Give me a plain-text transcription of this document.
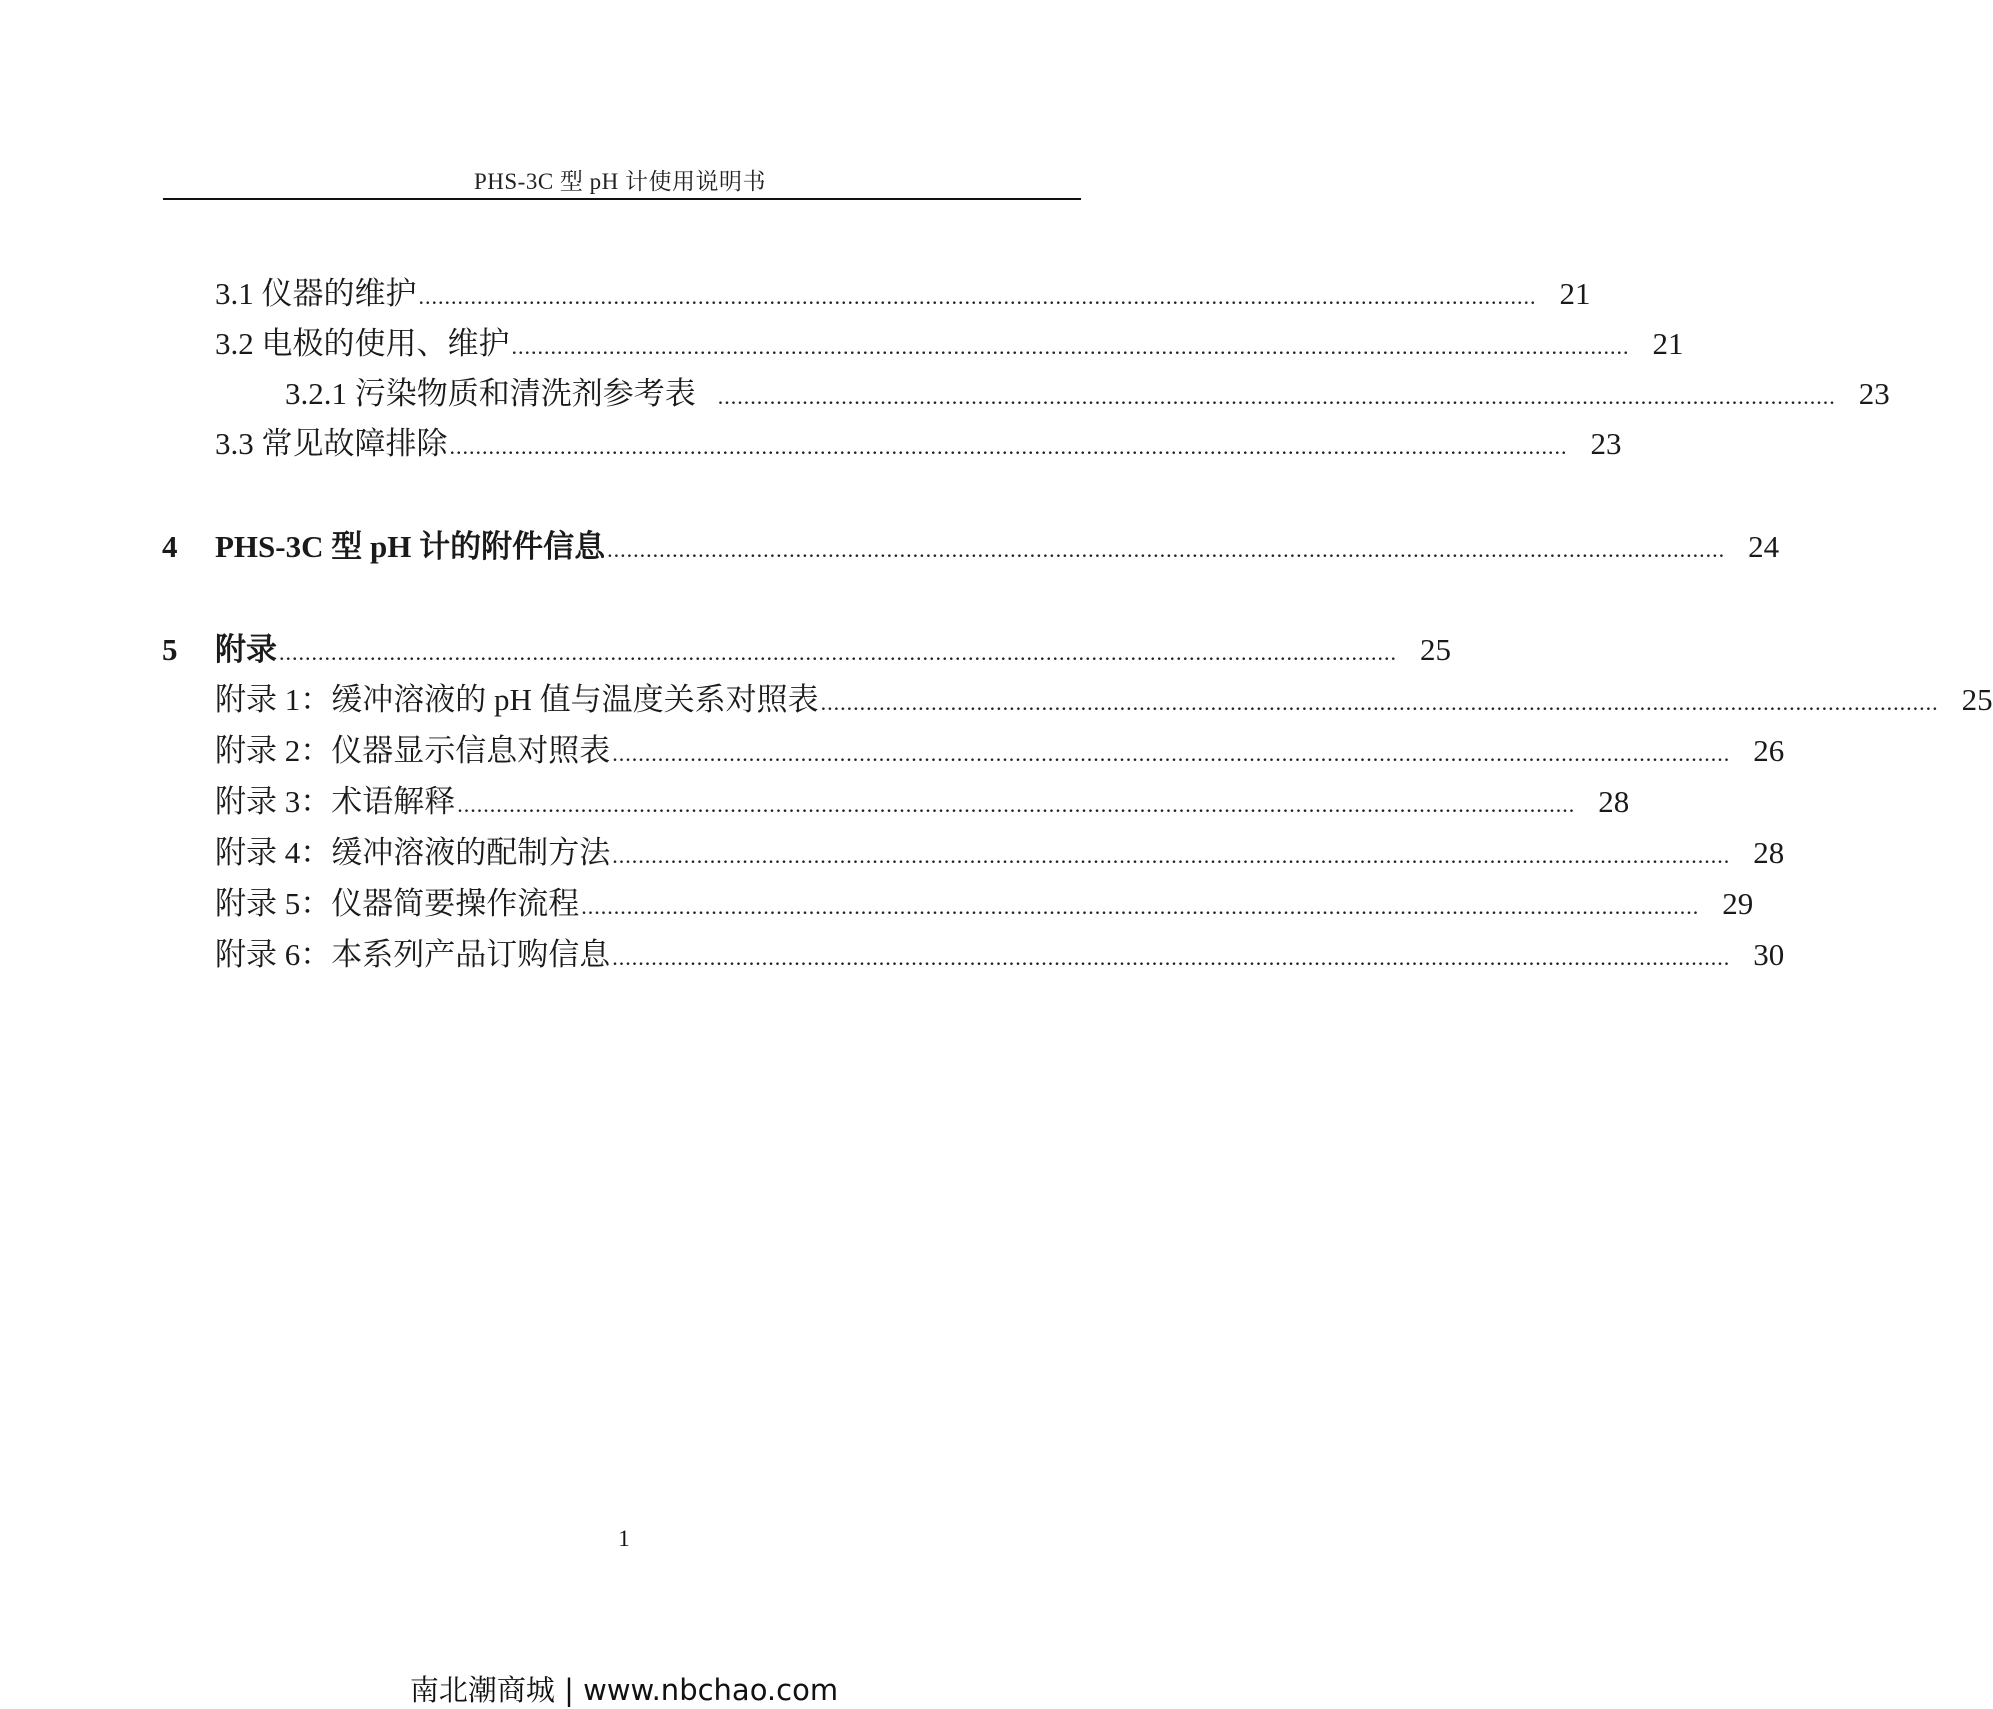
PHS-3C 型 pH 计使用说明书
3.1 仪器的维护 ............................................................................................................................................................................ 21
3.2 电极的使用、维护 ............................................................................................................................................................................ 21
3.2.1 污染物质和清洗剂参考表 ............................................................................................................................................................................ 23
3.3 常见故障排除 ............................................................................................................................................................................ 23
4 PHS-3C 型 pH 计的附件信息 ............................................................................................................................................................................ 24
5 附录 ............................................................................................................................................................................ 25
附录 1：缓冲溶液的 pH 值与温度关系对照表 ............................................................................................................................................................................ 25
附录 2：仪器显示信息对照表 ............................................................................................................................................................................ 26
附录 3：术语解释 ............................................................................................................................................................................ 28
附录 4：缓冲溶液的配制方法 ............................................................................................................................................................................ 28
附录 5：仪器简要操作流程 ............................................................................................................................................................................ 29
附录 6：本系列产品订购信息 ............................................................................................................................................................................ 30
1
南北潮商城 | www.nbchao.com
